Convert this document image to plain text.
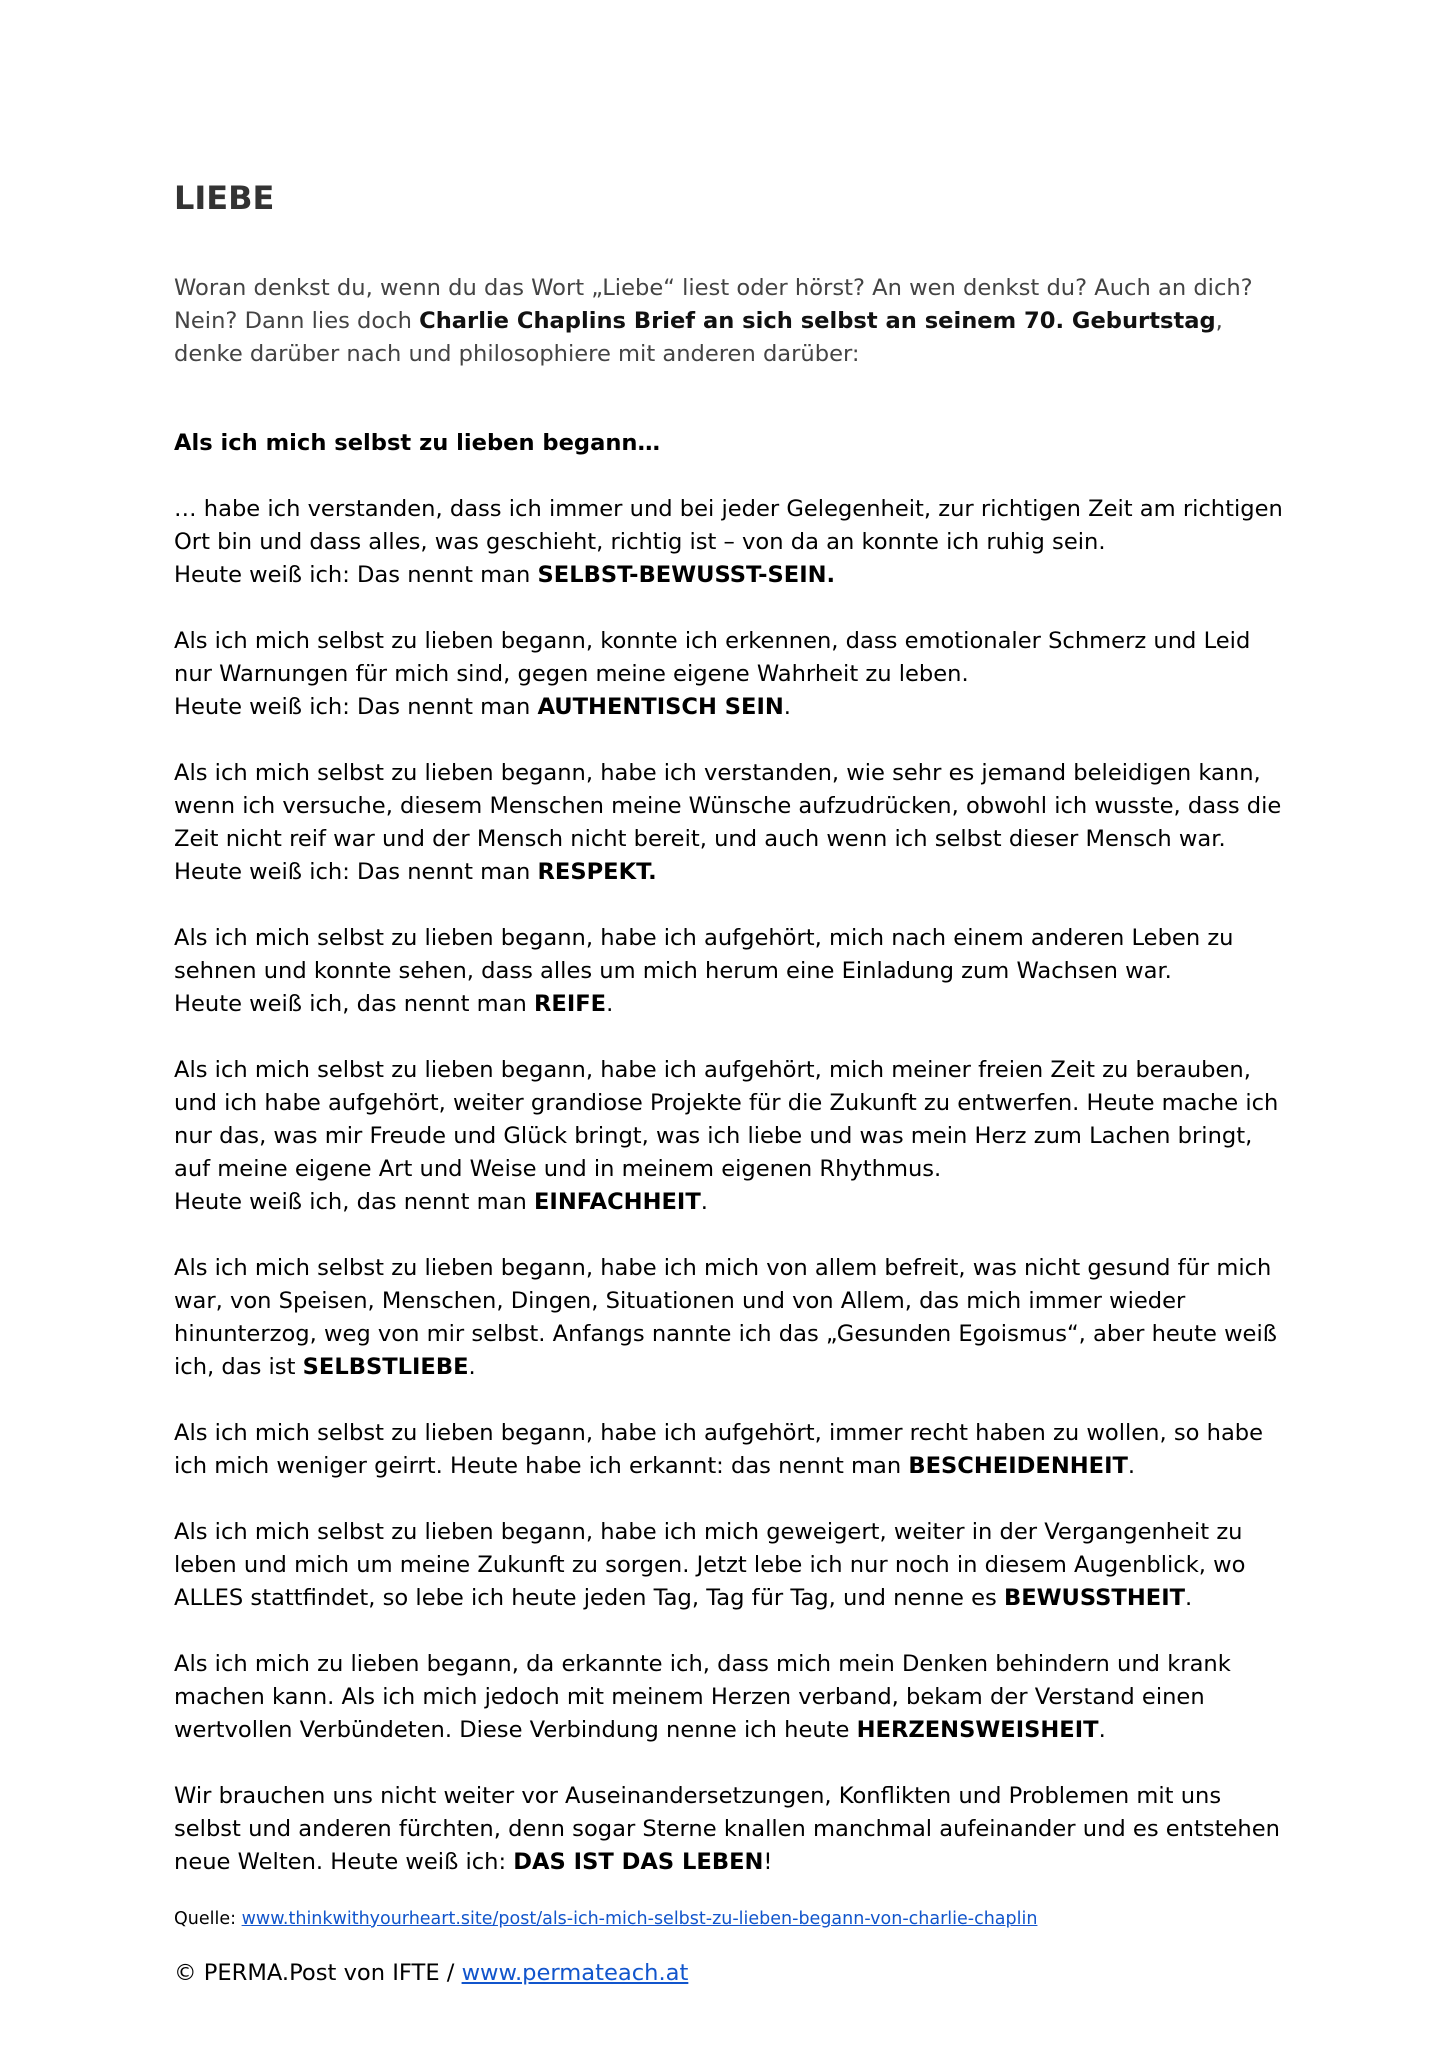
LIEBE

Woran denkst du, wenn du das Wort „Liebe“ liest oder hörst? An wen denkst du? Auch an dich? Nein? Dann lies doch Charlie Chaplins Brief an sich selbst an seinem 70. Geburtstag, denke darüber nach und philosophiere mit anderen darüber:

Als ich mich selbst zu lieben begann…

… habe ich verstanden, dass ich immer und bei jeder Gelegenheit, zur richtigen Zeit am richtigen Ort bin und dass alles, was geschieht, richtig ist – von da an konnte ich ruhig sein.
Heute weiß ich: Das nennt man SELBST-BEWUSST-SEIN.

Als ich mich selbst zu lieben begann, konnte ich erkennen, dass emotionaler Schmerz und Leid nur Warnungen für mich sind, gegen meine eigene Wahrheit zu leben.
Heute weiß ich: Das nennt man AUTHENTISCH SEIN.

Als ich mich selbst zu lieben begann, habe ich verstanden, wie sehr es jemand beleidigen kann, wenn ich versuche, diesem Menschen meine Wünsche aufzudrücken, obwohl ich wusste, dass die Zeit nicht reif war und der Mensch nicht bereit, und auch wenn ich selbst dieser Mensch war.
Heute weiß ich: Das nennt man RESPEKT.

Als ich mich selbst zu lieben begann, habe ich aufgehört, mich nach einem anderen Leben zu sehnen und konnte sehen, dass alles um mich herum eine Einladung zum Wachsen war.
Heute weiß ich, das nennt man REIFE.

Als ich mich selbst zu lieben begann, habe ich aufgehört, mich meiner freien Zeit zu berauben, und ich habe aufgehört, weiter grandiose Projekte für die Zukunft zu entwerfen. Heute mache ich nur das, was mir Freude und Glück bringt, was ich liebe und was mein Herz zum Lachen bringt, auf meine eigene Art und Weise und in meinem eigenen Rhythmus.
Heute weiß ich, das nennt man EINFACHHEIT.

Als ich mich selbst zu lieben begann, habe ich mich von allem befreit, was nicht gesund für mich war, von Speisen, Menschen, Dingen, Situationen und von Allem, das mich immer wieder hinunterzog, weg von mir selbst. Anfangs nannte ich das „Gesunden Egoismus“, aber heute weiß ich, das ist SELBSTLIEBE.

Als ich mich selbst zu lieben begann, habe ich aufgehört, immer recht haben zu wollen, so habe ich mich weniger geirrt. Heute habe ich erkannt: das nennt man BESCHEIDENHEIT.

Als ich mich selbst zu lieben begann, habe ich mich geweigert, weiter in der Vergangenheit zu leben und mich um meine Zukunft zu sorgen. Jetzt lebe ich nur noch in diesem Augenblick, wo ALLES stattfindet, so lebe ich heute jeden Tag, Tag für Tag, und nenne es BEWUSSTHEIT.

Als ich mich zu lieben begann, da erkannte ich, dass mich mein Denken behindern und krank machen kann. Als ich mich jedoch mit meinem Herzen verband, bekam der Verstand einen wertvollen Verbündeten. Diese Verbindung nenne ich heute HERZENSWEISHEIT.

Wir brauchen uns nicht weiter vor Auseinandersetzungen, Konflikten und Problemen mit uns selbst und anderen fürchten, denn sogar Sterne knallen manchmal aufeinander und es entstehen neue Welten. Heute weiß ich: DAS IST DAS LEBEN!

Quelle: www.thinkwithyourheart.site/post/als-ich-mich-selbst-zu-lieben-begann-von-charlie-chaplin

© PERMA.Post von IFTE / www.permateach.at
